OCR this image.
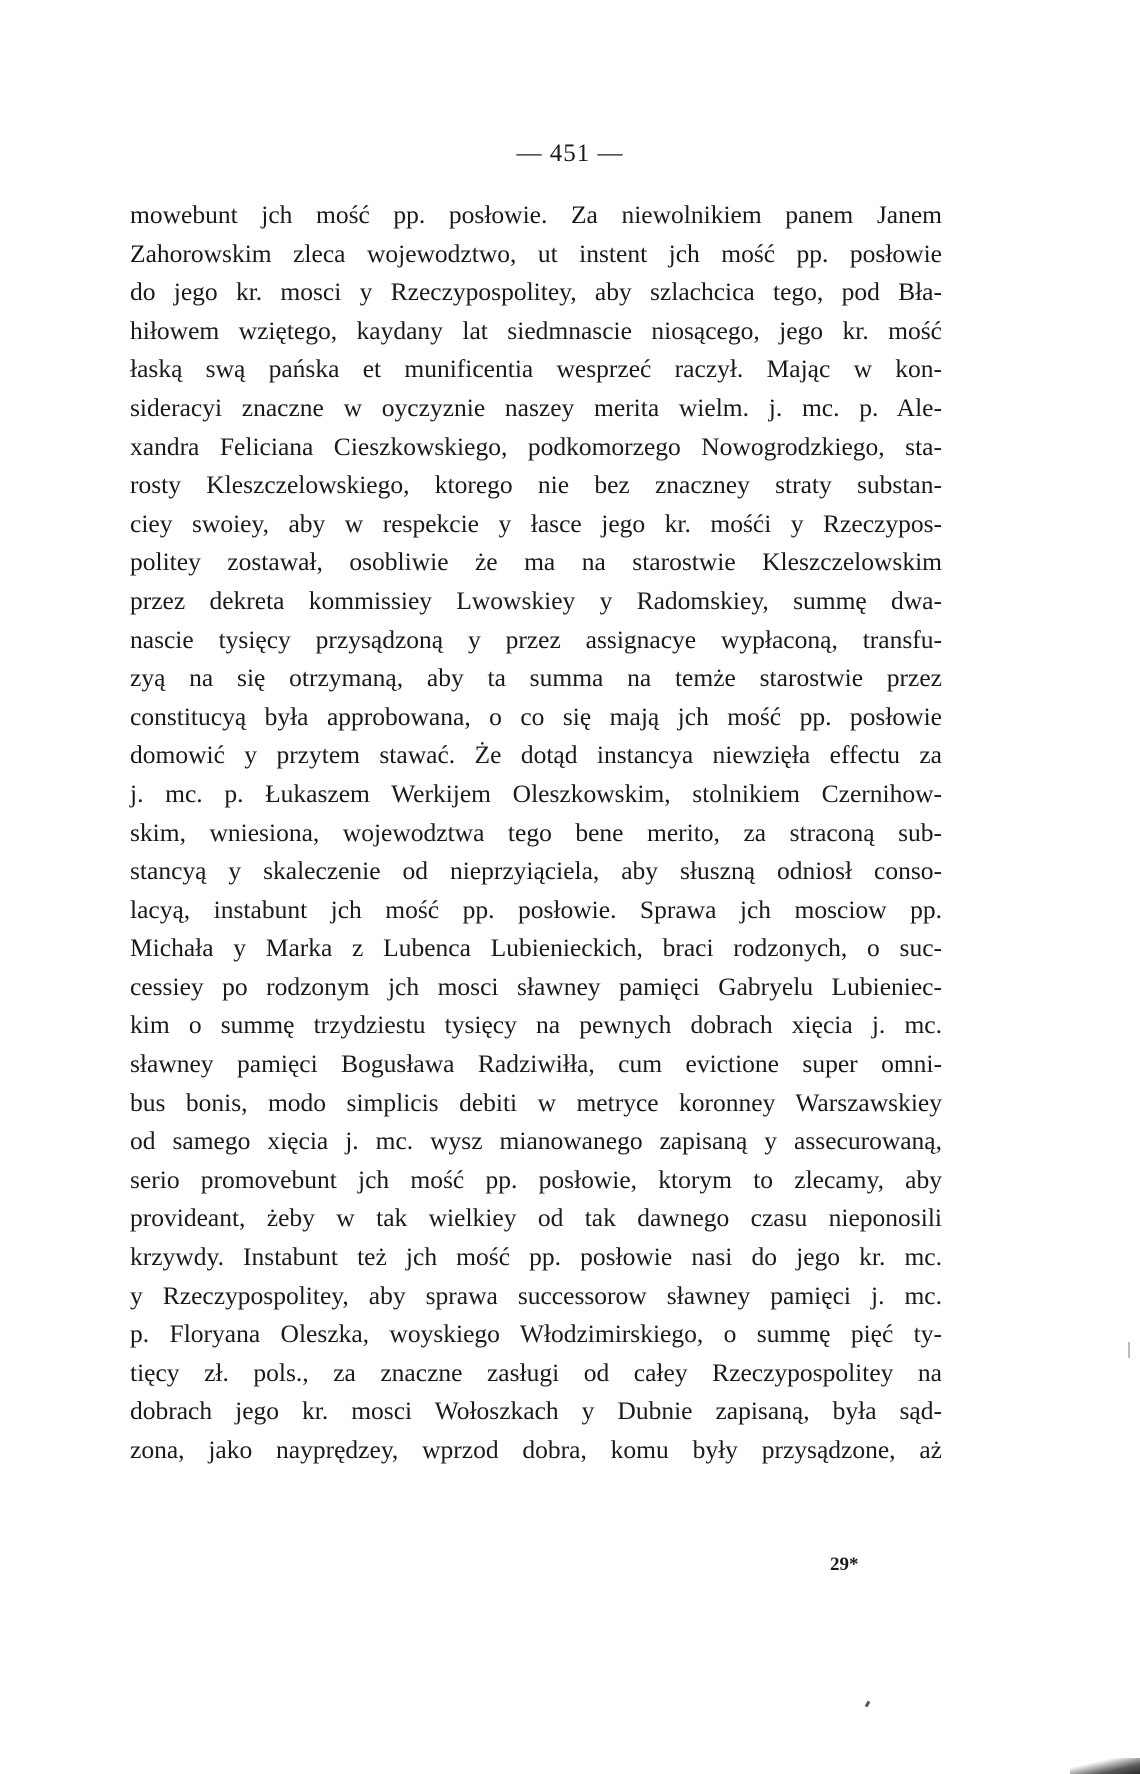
— 451 —
mowebunt jch mość pp. posłowie. Za niewolnikiem panem Janem
Zahorowskim zleca wojewodztwo, ut instent jch mość pp. posłowie
do jego kr. mosci y Rzeczypospolitey, aby szlachcica tego, pod Bła-
hiłowem wziętego, kaydany lat siedmnascie niosącego, jego kr. mość
łaską swą pańska et munificentia wesprzeć raczył. Mając w kon-
sideracyi znaczne w oyczyznie naszey merita wielm. j. mc. p. Ale-
xandra Feliciana Cieszkowskiego, podkomorzego Nowogrodzkiego, sta-
rosty Kleszczelowskiego, ktorego nie bez znaczney straty substan-
ciey swoiey, aby w respekcie y łasce jego kr. mośći y Rzeczypos-
politey zostawał, osobliwie że ma na starostwie Kleszczelowskim
przez dekreta kommissiey Lwowskiey y Radomskiey, summę dwa-
nascie tysięcy przysądzoną y przez assignacye wypłaconą, transfu-
zyą na się otrzymaną, aby ta summa na temże starostwie przez
constitucyą była approbowana, o co się mają jch mość pp. posłowie
domowić y przytem stawać. Że dotąd instancya niewzięła effectu za
j. mc. p. Łukaszem Werkijem Oleszkowskim, stolnikiem Czernihow-
skim, wniesiona, wojewodztwa tego bene merito, za straconą sub-
stancyą y skaleczenie od nieprzyiąciela, aby słuszną odniosł conso-
lacyą, instabunt jch mość pp. posłowie. Sprawa jch mosciow pp.
Michała y Marka z Lubenca Lubienieckich, braci rodzonych, o suc-
cessiey po rodzonym jch mosci sławney pamięci Gabryelu Lubieniec-
kim o summę trzydziestu tysięcy na pewnych dobrach xięcia j. mc.
sławney pamięci Bogusława Radziwiłła, cum evictione super omni-
bus bonis, modo simplicis debiti w metryce koronney Warszawskiey
od samego xięcia j. mc. wysz mianowanego zapisaną y assecurowaną,
serio promovebunt jch mość pp. posłowie, ktorym to zlecamy, aby
provideant, żeby w tak wielkiey od tak dawnego czasu nieponosili
krzywdy. Instabunt też jch mość pp. posłowie nasi do jego kr. mc.
y Rzeczypospolitey, aby sprawa successorow sławney pamięci j. mc.
p. Floryana Oleszka, woyskiego Włodzimirskiego, o summę pięć ty-
tięcy zł. pols., za znaczne zasługi od całey Rzeczypospolitey na
dobrach jego kr. mosci Wołoszkach y Dubnie zapisaną, była sąd-
zona, jako nayprędzey, wprzod dobra, komu były przysądzone, aż
29*
